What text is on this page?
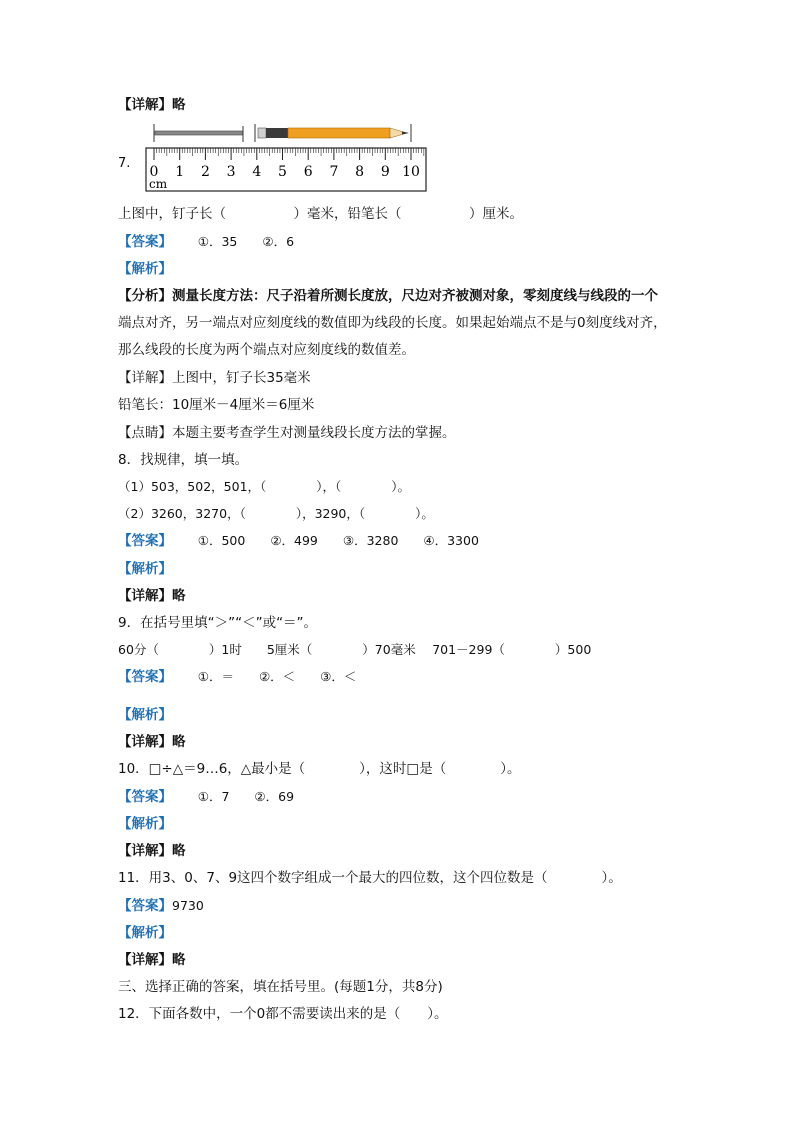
【详解】略
7.
0 1 2 3 4 5 6 7 8 9 10
cm
上图中，钉子长（　　　　　）毫米，铅笔长（　　　　　）厘米。
【答案】 ①．35　　②．6
【解析】
【分析】测量长度方法：尺子沿着所测长度放，尺边对齐被测对象，零刻度线与线段的一个
端点对齐，另一端点对应刻度线的数值即为线段的长度。如果起始端点不是与0刻度线对齐，
那么线段的长度为两个端点对应刻度线的数值差。
【详解】上图中，钉子长35毫米
铅笔长：10厘米－4厘米＝6厘米
【点睛】本题主要考查学生对测量线段长度方法的掌握。
8．找规律，填一填。
（1）503，502，501，（　　　　），（　　　　）。
（2）3260，3270，（　　　　），3290，（　　　　）。
【答案】 ①．500　　②．499　　③．3280　　④．3300
【解析】
【详解】略
9．在括号里填“＞”“＜”或“＝”。
60分（　　　　）1时　　5厘米（　　　　）70毫米　 701－299（　　　　）500
【答案】 ①．＝　　②．＜　　③．＜
【解析】
【详解】略
10．□÷△＝9…6，△最小是（　　　　），这时□是（　　　　）。
【答案】 ①．7　　②．69
【解析】
【详解】略
11．用3、0、7、9这四个数字组成一个最大的四位数，这个四位数是（　　　　）。
【答案】9730
【解析】
【详解】略
三、选择正确的答案，填在括号里。(每题1分，共8分)
12．下面各数中，一个0都不需要读出来的是（　　）。
